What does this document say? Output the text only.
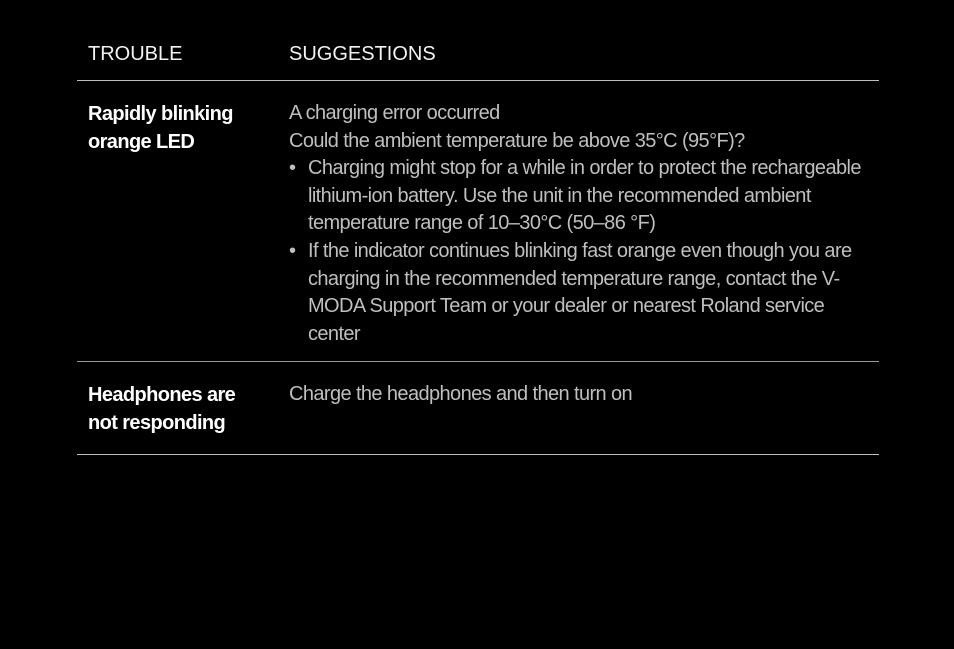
TROUBLE	SUGGESTIONS
Rapidly blinking
orange LED
A charging error occurred
Could the ambient temperature be above 35°C (95°F)?
• Charging might stop for a while in order to protect the rechargeable lithium-ion battery. Use the unit in the recommended ambient temperature range of 10–30°C (50–86 °F)
• If the indicator continues blinking fast orange even though you are charging in the recommended temperature range, contact the V-MODA Support Team or your dealer or nearest Roland service center
Headphones are
not responding
Charge the headphones and then turn on
